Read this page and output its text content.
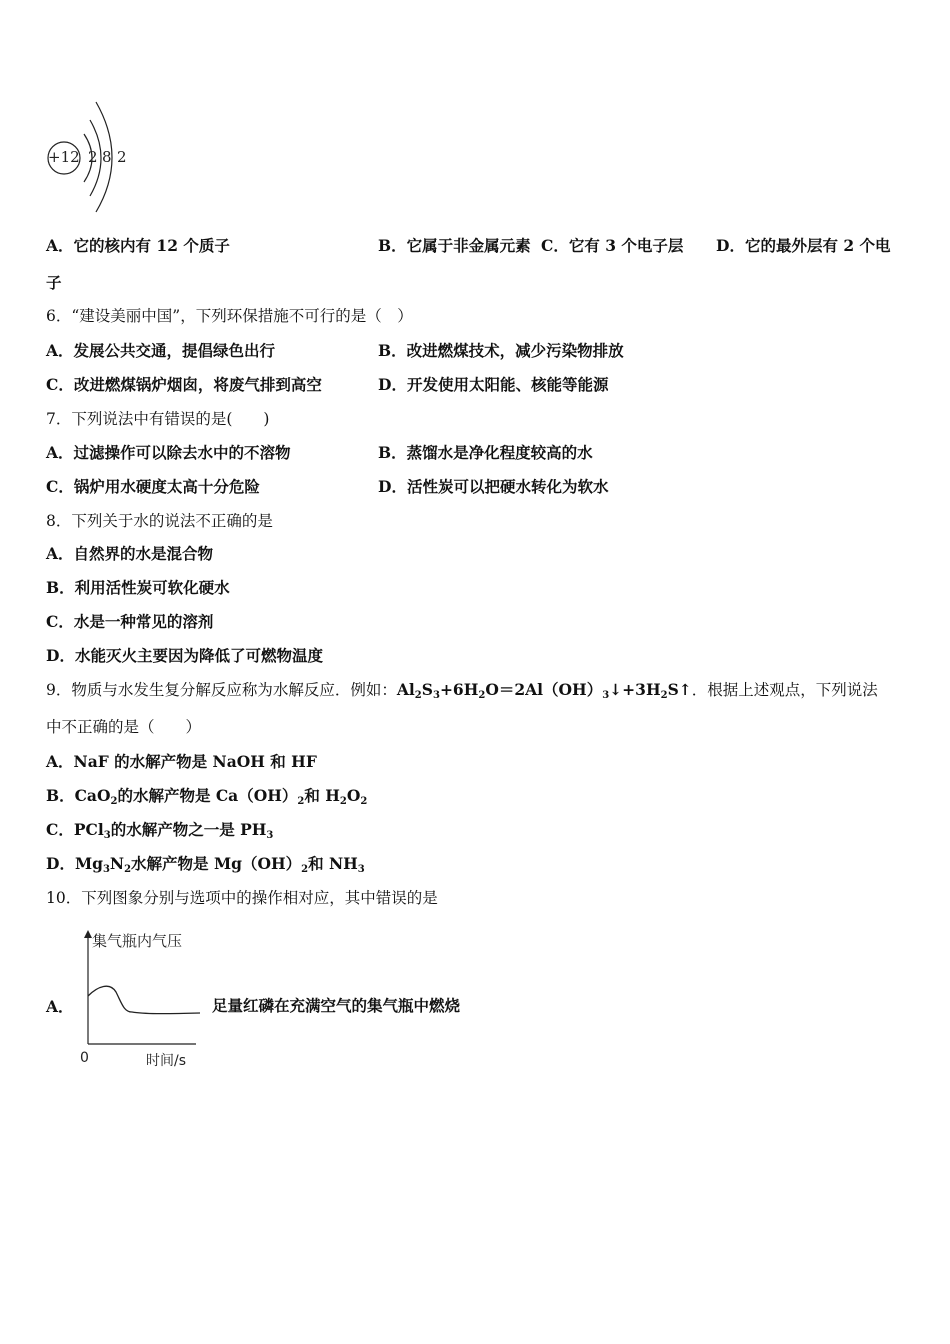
+12 2 8 2
A．它的核内有 12 个质子	B．它属于非金属元素 C．它有 3 个电子层 D．它的最外层有 2 个电
子
6．“建设美丽中国”，下列环保措施不可行的是（　）
A．发展公共交通，提倡绿色出行	B．改进燃煤技术，减少污染物排放
C．改进燃煤锅炉烟囱，将废气排到高空	D．开发使用太阳能、核能等能源
7．下列说法中有错误的是(　　)
A．过滤操作可以除去水中的不溶物	B．蒸馏水是净化程度较高的水
C．锅炉用水硬度太高十分危险	D．活性炭可以把硬水转化为软水
8．下列关于水的说法不正确的是
A．自然界的水是混合物
B．利用活性炭可软化硬水
C．水是一种常见的溶剂
D．水能灭火主要因为降低了可燃物温度
9．物质与水发生复分解反应称为水解反应．例如：$Al_2S_3+6H_2O=2Al(OH)_3↓+3H_2S↑$．根据上述观点，下列说法
中不正确的是（　　）
A．NaF 的水解产物是 NaOH 和 HF
B．CaO$_2$的水解产物是 $Ca(OH)_2$和 $H_2O_2$
C．PCl$_3$的水解产物之一是 $PH_3$
D．$Mg_3N_2$水解产物是 $Mg(OH)_2$和 $NH_3$
10．下列图象分别与选项中的操作相对应，其中错误的是
A．
集气瓶内气压
0	时间/s
足量红磷在充满空气的集气瓶中燃烧
